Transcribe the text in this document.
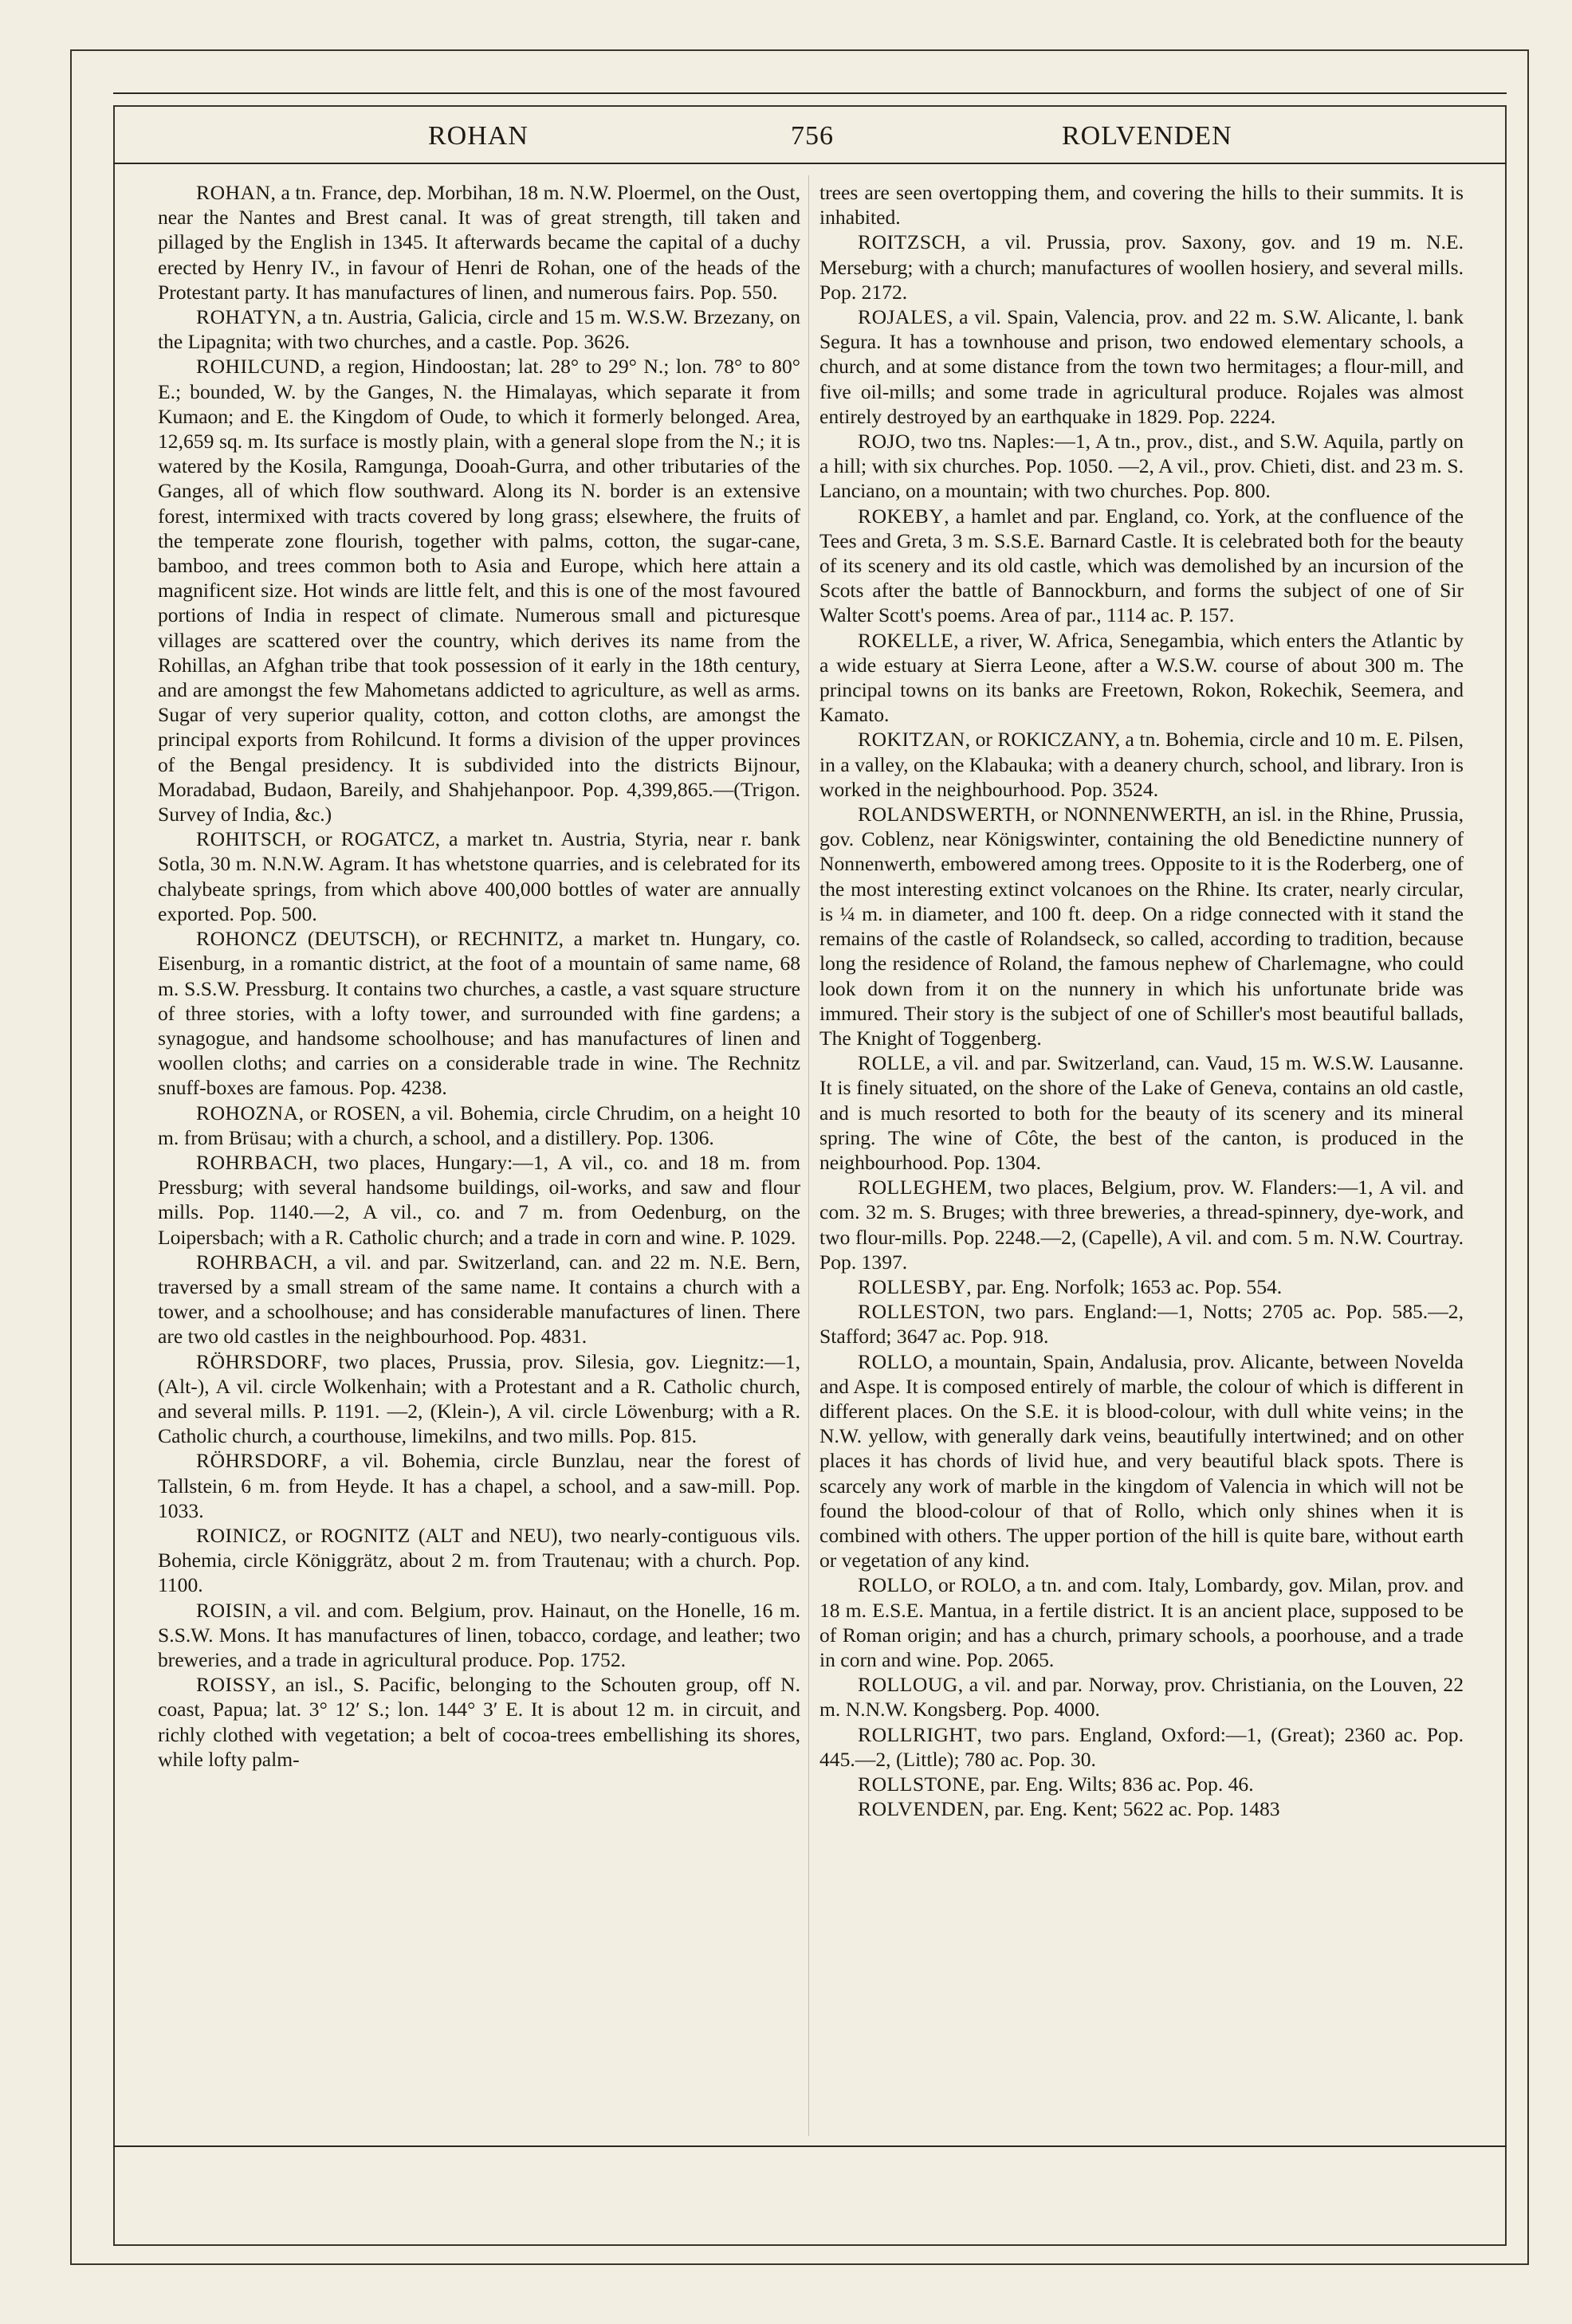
ROHAN	756	ROLVENDEN

ROHAN, a tn. France, dep. Morbihan, 18 m. N.W. Ploermel, on the Oust, near the Nantes and Brest canal. It was of great strength, till taken and pillaged by the English in 1345. It afterwards became the capital of a duchy erected by Henry IV., in favour of Henri de Rohan, one of the heads of the Protestant party. It has manufactures of linen, and numerous fairs. Pop. 550.

ROHATYN, a tn. Austria, Galicia, circle and 15 m. W.S.W. Brzezany, on the Lipagnita; with two churches, and a castle. Pop. 3626.

ROHILCUND, a region, Hindoostan; lat. 28° to 29° N.; lon. 78° to 80° E.; bounded, W. by the Ganges, N. the Himalayas, which separate it from Kumaon; and E. the Kingdom of Oude, to which it formerly belonged. Area, 12,659 sq. m. Its surface is mostly plain, with a general slope from the N.; it is watered by the Kosila, Ramgunga, Dooah-Gurra, and other tributaries of the Ganges, all of which flow southward. Along its N. border is an extensive forest, intermixed with tracts covered by long grass; elsewhere, the fruits of the temperate zone flourish, together with palms, cotton, the sugar-cane, bamboo, and trees common both to Asia and Europe, which here attain a magnificent size. Hot winds are little felt, and this is one of the most favoured portions of India in respect of climate. Numerous small and picturesque villages are scattered over the country, which derives its name from the Rohillas, an Afghan tribe that took possession of it early in the 18th century, and are amongst the few Mahometans addicted to agriculture, as well as arms. Sugar of very superior quality, cotton, and cotton cloths, are amongst the principal exports from Rohilcund. It forms a division of the upper provinces of the Bengal presidency. It is subdivided into the districts Bijnour, Moradabad, Budaon, Bareily, and Shahjehanpoor. Pop. 4,399,865.—(Trigon. Survey of India, &c.)

ROHITSCH, or ROGATCZ, a market tn. Austria, Styria, near r. bank Sotla, 30 m. N.N.W. Agram. It has whetstone quarries, and is celebrated for its chalybeate springs, from which above 400,000 bottles of water are annually exported. Pop. 500.

ROHONCZ (DEUTSCH), or RECHNITZ, a market tn. Hungary, co. Eisenburg, in a romantic district, at the foot of a mountain of same name, 68 m. S.S.W. Pressburg. It contains two churches, a castle, a vast square structure of three stories, with a lofty tower, and surrounded with fine gardens; a synagogue, and handsome schoolhouse; and has manufactures of linen and woollen cloths; and carries on a considerable trade in wine. The Rechnitz snuff-boxes are famous. Pop. 4238.

ROHOZNA, or ROSEN, a vil. Bohemia, circle Chrudim, on a height 10 m. from Brüsau; with a church, a school, and a distillery. Pop. 1306.

ROHRBACH, two places, Hungary:—1, A vil., co. and 18 m. from Pressburg; with several handsome buildings, oil-works, and saw and flour mills. Pop. 1140.—2, A vil., co. and 7 m. from Oedenburg, on the Loipersbach; with a R. Catholic church; and a trade in corn and wine. P. 1029.

ROHRBACH, a vil. and par. Switzerland, can. and 22 m. N.E. Bern, traversed by a small stream of the same name. It contains a church with a tower, and a schoolhouse; and has considerable manufactures of linen. There are two old castles in the neighbourhood. Pop. 4831.

RÖHRSDORF, two places, Prussia, prov. Silesia, gov. Liegnitz:—1, (Alt-), A vil. circle Wolkenhain; with a Protestant and a R. Catholic church, and several mills. P. 1191. —2, (Klein-), A vil. circle Löwenburg; with a R. Catholic church, a courthouse, limekilns, and two mills. Pop. 815.

RÖHRSDORF, a vil. Bohemia, circle Bunzlau, near the forest of Tallstein, 6 m. from Heyde. It has a chapel, a school, and a saw-mill. Pop. 1033.

ROINICZ, or ROGNITZ (ALT and NEU), two nearly-contiguous vils. Bohemia, circle Königgrätz, about 2 m. from Trautenau; with a church. Pop. 1100.

ROISIN, a vil. and com. Belgium, prov. Hainaut, on the Honelle, 16 m. S.S.W. Mons. It has manufactures of linen, tobacco, cordage, and leather; two breweries, and a trade in agricultural produce. Pop. 1752.

ROISSY, an isl., S. Pacific, belonging to the Schouten group, off N. coast, Papua; lat. 3° 12′ S.; lon. 144° 3′ E. It is about 12 m. in circuit, and richly clothed with vegetation; a belt of cocoa-trees embellishing its shores, while lofty palm-

trees are seen overtopping them, and covering the hills to their summits. It is inhabited.

ROITZSCH, a vil. Prussia, prov. Saxony, gov. and 19 m. N.E. Merseburg; with a church; manufactures of woollen hosiery, and several mills. Pop. 2172.

ROJALES, a vil. Spain, Valencia, prov. and 22 m. S.W. Alicante, l. bank Segura. It has a townhouse and prison, two endowed elementary schools, a church, and at some distance from the town two hermitages; a flour-mill, and five oil-mills; and some trade in agricultural produce. Rojales was almost entirely destroyed by an earthquake in 1829. Pop. 2224.

ROJO, two tns. Naples:—1, A tn., prov., dist., and S.W. Aquila, partly on a hill; with six churches. Pop. 1050. —2, A vil., prov. Chieti, dist. and 23 m. S. Lanciano, on a mountain; with two churches. Pop. 800.

ROKEBY, a hamlet and par. England, co. York, at the confluence of the Tees and Greta, 3 m. S.S.E. Barnard Castle. It is celebrated both for the beauty of its scenery and its old castle, which was demolished by an incursion of the Scots after the battle of Bannockburn, and forms the subject of one of Sir Walter Scott's poems. Area of par., 1114 ac. P. 157.

ROKELLE, a river, W. Africa, Senegambia, which enters the Atlantic by a wide estuary at Sierra Leone, after a W.S.W. course of about 300 m. The principal towns on its banks are Freetown, Rokon, Rokechik, Seemera, and Kamato.

ROKITZAN, or ROKICZANY, a tn. Bohemia, circle and 10 m. E. Pilsen, in a valley, on the Klabauka; with a deanery church, school, and library. Iron is worked in the neighbourhood. Pop. 3524.

ROLANDSWERTH, or NONNENWERTH, an isl. in the Rhine, Prussia, gov. Coblenz, near Königswinter, containing the old Benedictine nunnery of Nonnenwerth, embowered among trees. Opposite to it is the Roderberg, one of the most interesting extinct volcanoes on the Rhine. Its crater, nearly circular, is ¼ m. in diameter, and 100 ft. deep. On a ridge connected with it stand the remains of the castle of Rolandseck, so called, according to tradition, because long the residence of Roland, the famous nephew of Charlemagne, who could look down from it on the nunnery in which his unfortunate bride was immured. Their story is the subject of one of Schiller's most beautiful ballads, The Knight of Toggenberg.

ROLLE, a vil. and par. Switzerland, can. Vaud, 15 m. W.S.W. Lausanne. It is finely situated, on the shore of the Lake of Geneva, contains an old castle, and is much resorted to both for the beauty of its scenery and its mineral spring. The wine of Côte, the best of the canton, is produced in the neighbourhood. Pop. 1304.

ROLLEGHEM, two places, Belgium, prov. W. Flanders:—1, A vil. and com. 32 m. S. Bruges; with three breweries, a thread-spinnery, dye-work, and two flour-mills. Pop. 2248.—2, (Capelle), A vil. and com. 5 m. N.W. Courtray. Pop. 1397.

ROLLESBY, par. Eng. Norfolk; 1653 ac. Pop. 554.

ROLLESTON, two pars. England:—1, Notts; 2705 ac. Pop. 585.—2, Stafford; 3647 ac. Pop. 918.

ROLLO, a mountain, Spain, Andalusia, prov. Alicante, between Novelda and Aspe. It is composed entirely of marble, the colour of which is different in different places. On the S.E. it is blood-colour, with dull white veins; in the N.W. yellow, with generally dark veins, beautifully intertwined; and on other places it has chords of livid hue, and very beautiful black spots. There is scarcely any work of marble in the kingdom of Valencia in which will not be found the blood-colour of that of Rollo, which only shines when it is combined with others. The upper portion of the hill is quite bare, without earth or vegetation of any kind.

ROLLO, or ROLO, a tn. and com. Italy, Lombardy, gov. Milan, prov. and 18 m. E.S.E. Mantua, in a fertile district. It is an ancient place, supposed to be of Roman origin; and has a church, primary schools, a poorhouse, and a trade in corn and wine. Pop. 2065.

ROLLOUG, a vil. and par. Norway, prov. Christiania, on the Louven, 22 m. N.N.W. Kongsberg. Pop. 4000.

ROLLRIGHT, two pars. England, Oxford:—1, (Great); 2360 ac. Pop. 445.—2, (Little); 780 ac. Pop. 30.

ROLLSTONE, par. Eng. Wilts; 836 ac. Pop. 46.

ROLVENDEN, par. Eng. Kent; 5622 ac. Pop. 1483
